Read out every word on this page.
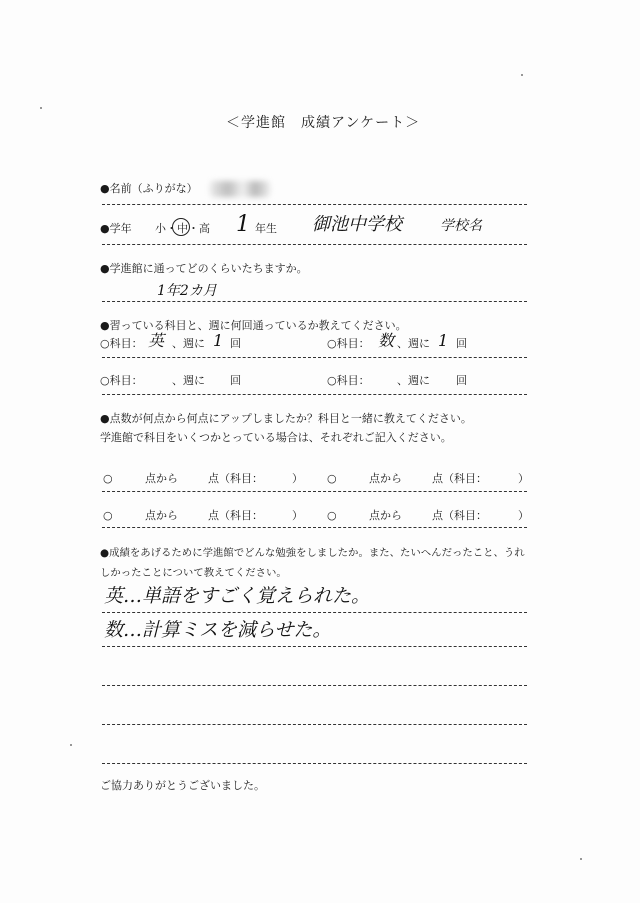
＜学進館　成績アンケート＞
●名前（ふりがな）
●学年 小・中・高 1 年生 御池中学校	学校名
●学進館に通ってどのくらいたちますか。
1年2カ月
●習っている科目と、週に何回通っているか教えてください。
○科目： 英 、週に 1 回	○科目： 数 、週に 1 回
○科目：	、週に 回	○科目： 、週に 回
●点数が何点から何点にアップしましたか？科目と一緒に教えてください。
学進館で科目をいくつかとっている場合は、それぞれご記入ください。
○	点から	点（科目：	） ○	点から	点（科目：	）
○	点から	点（科目：	） ○	点から	点（科目：	）
●成績をあげるために学進館でどんな勉強をしましたか。また、たいへんだったこと、うれ
しかったことについて教えてください。
英…単語をすごく覚えられた。
数…計算ミスを減らせた。
ご協力ありがとうございました。
